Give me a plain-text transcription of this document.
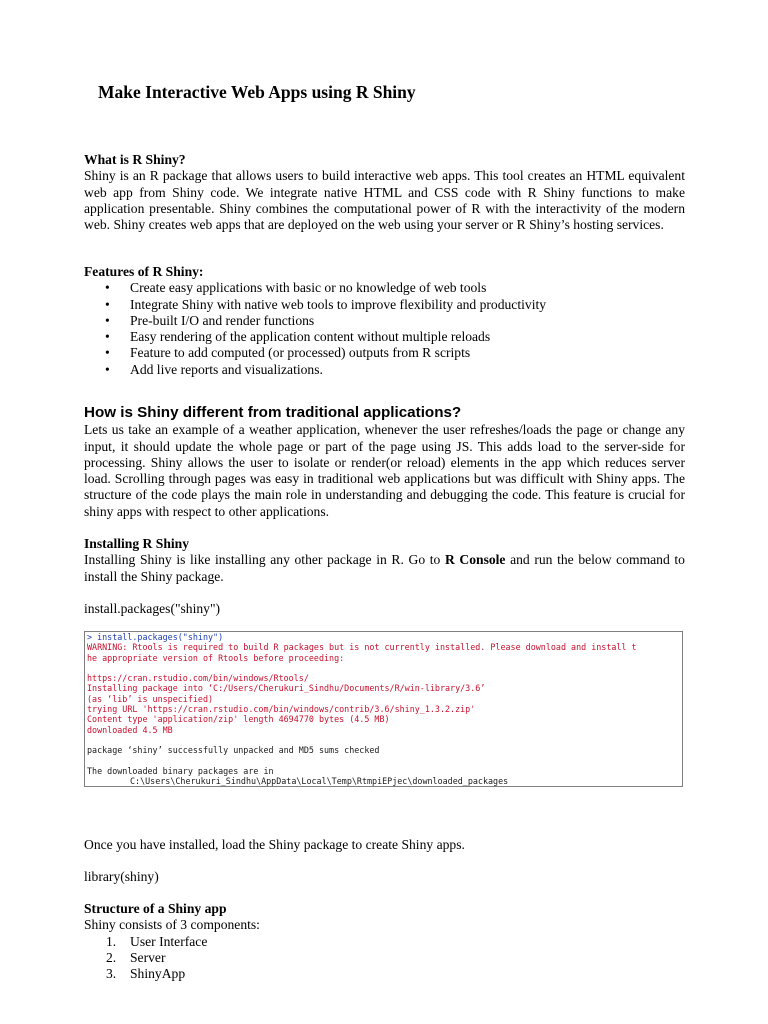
Make Interactive Web Apps using R Shiny
What is R Shiny?

Shiny is an R package that allows users to build interactive web apps. This tool creates an HTML equivalent web app from Shiny code. We integrate native HTML and CSS code with R Shiny functions to make application presentable. Shiny combines the computational power of R with the interactivity of the modern web. Shiny creates web apps that are deployed on the web using your server or R Shiny’s hosting services.

Features of R Shiny:
• Create easy applications with basic or no knowledge of web tools
• Integrate Shiny with native web tools to improve flexibility and productivity
• Pre-built I/O and render functions
• Easy rendering of the application content without multiple reloads
• Feature to add computed (or processed) outputs from R scripts
• Add live reports and visualizations.
How is Shiny different from traditional applications?

Lets us take an example of a weather application, whenever the user refreshes/loads the page or change any input, it should update the whole page or part of the page using JS. This adds load to the server-side for processing. Shiny allows the user to isolate or render(or reload) elements in the app which reduces server load. Scrolling through pages was easy in traditional web applications but was difficult with Shiny apps. The structure of the code plays the main role in understanding and debugging the code. This feature is crucial for shiny apps with respect to other applications.

Installing R Shiny

Installing Shiny is like installing any other package in R. Go to R Console and run the below command to install the Shiny package.

install.packages("shiny")
> install.packages("shiny")
WARNING: Rtools is required to build R packages but is not currently installed. Please download and install t
he appropriate version of Rtools before proceeding:
https://cran.rstudio.com/bin/windows/Rtools/
Installing package into ‘C:/Users/Cherukuri_Sindhu/Documents/R/win-library/3.6’
(as ‘lib’ is unspecified)
trying URL 'https://cran.rstudio.com/bin/windows/contrib/3.6/shiny_1.3.2.zip'
Content type 'application/zip' length 4694770 bytes (4.5 MB)
downloaded 4.5 MB
package ‘shiny’ successfully unpacked and MD5 sums checked
The downloaded binary packages are in
C:\Users\Cherukuri_Sindhu\AppData\Local\Temp\RtmpiEPjec\downloaded_packages
Once you have installed, load the Shiny package to create Shiny apps.
library(shiny)
Structure of a Shiny app
Shiny consists of 3 components:
1. User Interface
2. Server
3. ShinyApp
